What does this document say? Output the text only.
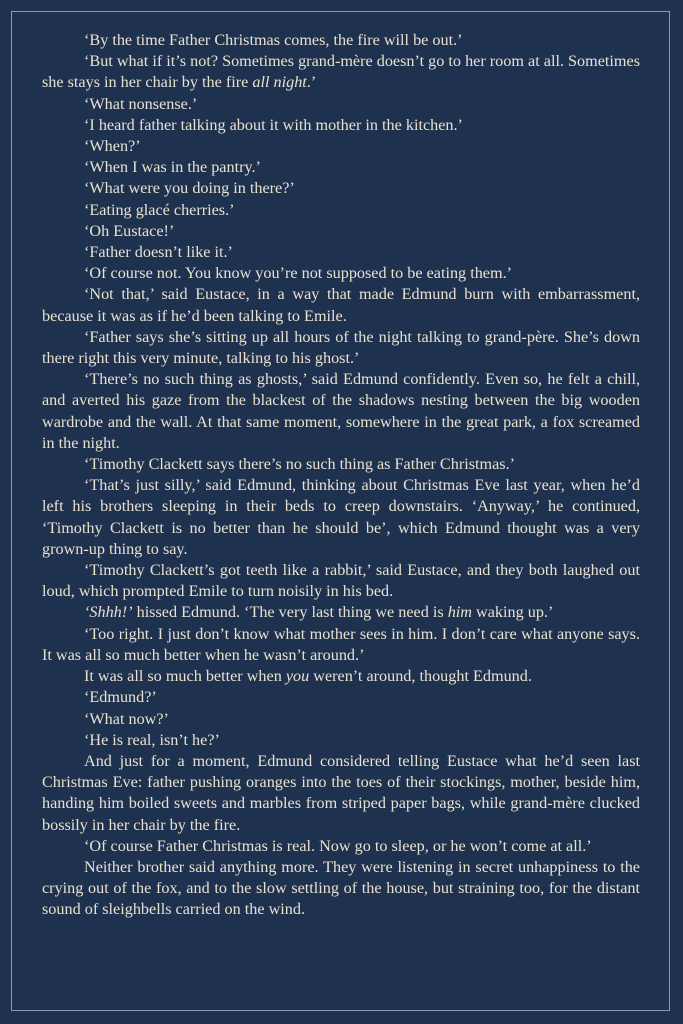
‘By the time Father Christmas comes, the fire will be out.’

‘But what if it’s not? Sometimes grand-mère doesn’t go to her room at all. Sometimes she stays in her chair by the fire all night.’

‘What nonsense.’

‘I heard father talking about it with mother in the kitchen.’

‘When?’

‘When I was in the pantry.’

‘What were you doing in there?’

‘Eating glacé cherries.’

‘Oh Eustace!’

‘Father doesn’t like it.’

‘Of course not. You know you’re not supposed to be eating them.’

‘Not that,’ said Eustace, in a way that made Edmund burn with embarrassment, because it was as if he’d been talking to Emile.

‘Father says she’s sitting up all hours of the night talking to grand-père. She’s down there right this very minute, talking to his ghost.’

‘There’s no such thing as ghosts,’ said Edmund confidently. Even so, he felt a chill, and averted his gaze from the blackest of the shadows nesting between the big wooden wardrobe and the wall. At that same moment, somewhere in the great park, a fox screamed in the night.

‘Timothy Clackett says there’s no such thing as Father Christmas.’

‘That’s just silly,’ said Edmund, thinking about Christmas Eve last year, when he’d left his brothers sleeping in their beds to creep downstairs. ‘Anyway,’ he continued, ‘Timothy Clackett is no better than he should be’, which Edmund thought was a very grown-up thing to say.

‘Timothy Clackett’s got teeth like a rabbit,’ said Eustace, and they both laughed out loud, which prompted Emile to turn noisily in his bed.

‘Shhh!’ hissed Edmund. ‘The very last thing we need is him waking up.’

‘Too right. I just don’t know what mother sees in him. I don’t care what anyone says. It was all so much better when he wasn’t around.’

It was all so much better when you weren’t around, thought Edmund.

‘Edmund?’

‘What now?’

‘He is real, isn’t he?’

And just for a moment, Edmund considered telling Eustace what he’d seen last Christmas Eve: father pushing oranges into the toes of their stockings, mother, beside him, handing him boiled sweets and marbles from striped paper bags, while grand-mère clucked bossily in her chair by the fire.

‘Of course Father Christmas is real. Now go to sleep, or he won’t come at all.’

Neither brother said anything more. They were listening in secret unhappiness to the crying out of the fox, and to the slow settling of the house, but straining too, for the distant sound of sleighbells carried on the wind.
